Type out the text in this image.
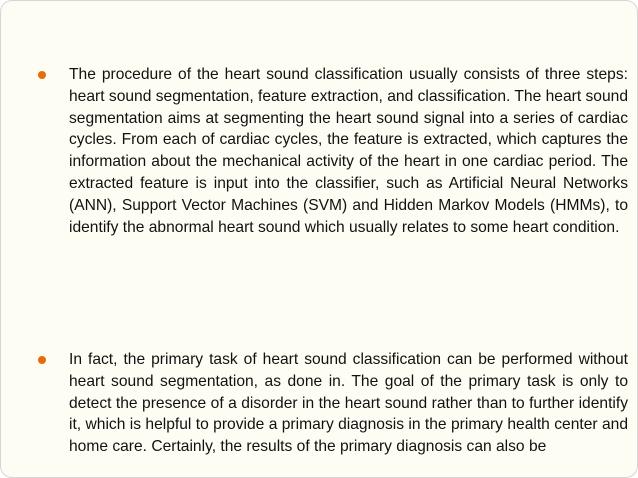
The procedure of the heart sound classification usually consists of three steps: heart sound segmentation, feature extraction, and classification. The heart sound segmentation aims at segmenting the heart sound signal into a series of cardiac cycles. From each of cardiac cycles, the feature is extracted, which captures the information about the mechanical activity of the heart in one cardiac period. The extracted feature is input into the classifier, such as Artificial Neural Networks (ANN), Support Vector Machines (SVM) and Hidden Markov Models (HMMs), to identify the abnormal heart sound which usually relates to some heart condition.

In fact, the primary task of heart sound classification can be performed without heart sound segmentation, as done in. The goal of the primary task is only to detect the presence of a disorder in the heart sound rather than to further identify it, which is helpful to provide a primary diagnosis in the primary health center and home care. Certainly, the results of the primary diagnosis can also be
